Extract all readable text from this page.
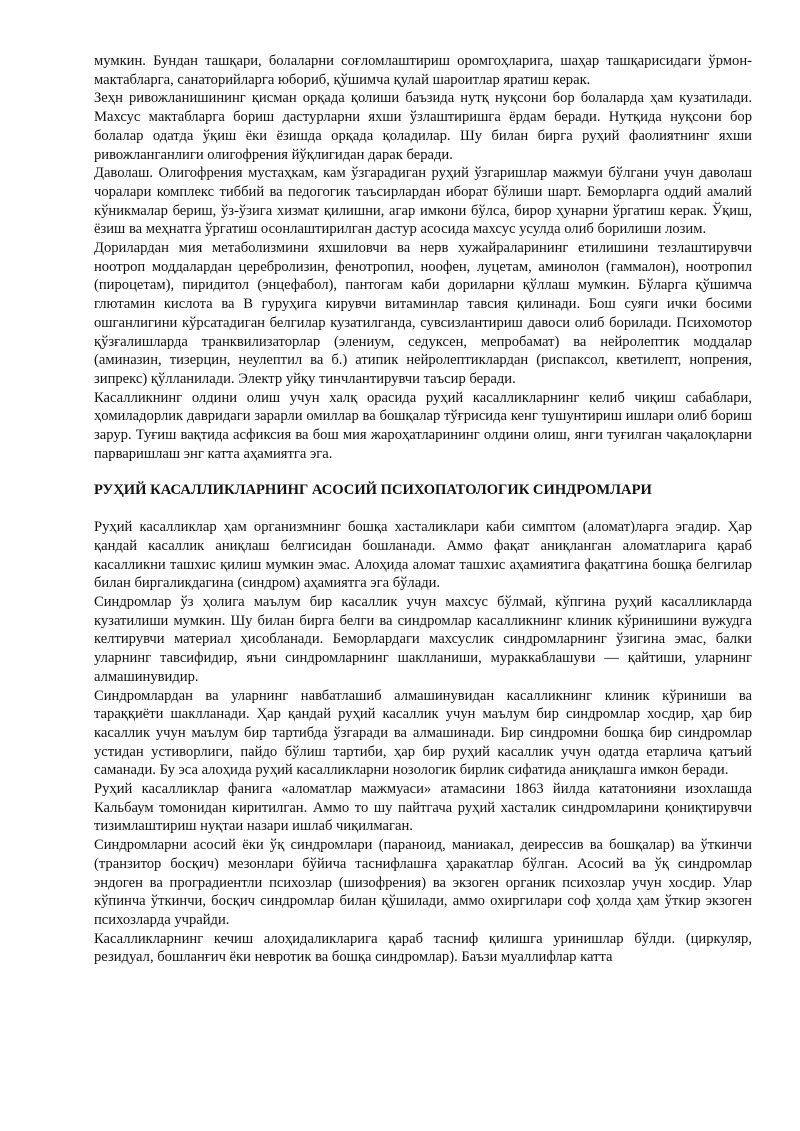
мумкин. Бундан ташқари, болаларни соғломлаштириш оромгоҳларига, шаҳар ташқарисидаги ўрмон-мактабларга, санаторийларга юбориб, қўшимча қулай шароитлар яратиш керак.

Зеҳн ривожланишининг қисман орқада қолиши баъзида нутқ нуқсони бор болаларда ҳам кузатилади. Махсус мактабларга бориш дастурларни яхши ўзлаштиришга ёрдам беради. Нутқида нуқсони бор болалар одатда ўқиш ёки ёзишда орқада қоладилар. Шу билан бирга руҳий фаолиятнинг яхши ривожланганлиги олигофрения йўқлигидан дарак беради.

Даволаш. Олигофрения мустаҳкам, кам ўзгарадиган руҳий ўзгаришлар мажмуи бўлгани учун даволаш чоралари комплекс тиббий ва педогогик таъсирлардан иборат бўлиши шарт. Беморларга оддий амалий кўникмалар бериш, ўз-ўзига хизмат қилишни, агар имкони бўлса, бирор ҳунарни ўргатиш керак. Ўқиш, ёзиш ва меҳнатга ўргатиш осонлаштирилган дастур асосида махсус усулда олиб борилиши лозим.

Дорилардан мия метаболизмини яхшиловчи ва нерв хужайраларининг етилишини тезлаштирувчи ноотроп моддалардан церебролизин, фенотропил, ноофен, луцетам, аминолон (гаммалон), ноотропил (пироцетам), пиридитол (энцефабол), пантогам каби дориларни қўллаш мумкин. Бўларга қўшимча глютамин кислота ва В гуруҳига кирувчи витаминлар тавсия қилинади. Бош суяги ички босими ошганлигини кўрсатадиган белгилар кузатилганда, сувсизлантириш давоси олиб борилади. Психомотор қўзғалишларда транквилизаторлар (элениум, седуксен, мепробамат) ва нейролептик моддалар (аминазин, тизерцин, неулептил ва б.) атипик нейролептиклардан (риспаксол, кветилепт, нопрения, зипрекс) қўлланилади. Электр уйқу тинчлантирувчи таъсир беради.

Касалликнинг олдини олиш учун халқ орасида руҳий касалликларнинг келиб чиқиш сабаблари, ҳомиладорлик давридаги зарарли омиллар ва бошқалар тўғрисида кенг тушунтириш ишлари олиб бориш зарур. Туғиш вақтида асфиксия ва бош мия жароҳатларининг олдини олиш, янги туғилган чақалоқларни парваришлаш энг катта аҳамиятга эга.

РУҲИЙ КАСАЛЛИКЛАРНИНГ АСОСИЙ ПСИХОПАТОЛОГИК СИНДРОМЛАРИ

Руҳий касалликлар ҳам организмнинг бошқа хасталиклари каби симптом (аломат)ларга эгадир. Ҳар қандай касаллик аниқлаш белгисидан бошланади. Аммо фақат аниқланган аломатларига қараб касалликни ташхис қилиш мумкин эмас. Алоҳида аломат ташхис аҳамиятига фақатгина бошқа белгилар билан биргаликдагина (синдром) аҳамиятга эга бўлади.

Синдромлар ўз ҳолига маълум бир касаллик учун махсус бўлмай, кўпгина руҳий касалликларда кузатилиши мумкин. Шу билан бирга белги ва синдромлар касалликнинг клиник кўринишини вужудга келтирувчи материал ҳисобланади. Беморлардаги махсуслик синдромларнинг ўзигина эмас, балки уларнинг тавсифидир, яъни синдромларнинг шаклланиши, мураккаблашуви — қайтиши, уларнинг алмашинувидир.

Синдромлардан ва уларнинг навбатлашиб алмашинувидан касалликнинг клиник кўриниши ва тараққиёти шаклланади. Ҳар қандай руҳий касаллик учун маълум бир синдромлар хосдир, ҳар бир касаллик учун маълум бир тартибда ўзгаради ва алмашинади. Бир синдромни бошқа бир синдромлар устидан устиворлиги, пайдо бўлиш тартиби, ҳар бир руҳий касаллик учун одатда етарлича қатъий саманади. Бу эса алоҳида руҳий касалликларни нозологик бирлик сифатида аниқлашга имкон беради.

Руҳий касалликлар фанига «аломатлар мажмуаси» атамасини 1863 йилда кататонияни изохлашда Кальбаум томонидан киритилган. Аммо то шу пайтгача руҳий хасталик синдромларини қониқтирувчи тизимлаштириш нуқтаи назари ишлаб чиқилмаган.

Синдромларни асосий ёки ўқ синдромлари (параноид, маниакал, деиреccив ва бошқалар) ва ўткинчи (транзитор босқич) мезонлари бўйича таснифлашға ҳаракатлар бўлган. Асосий ва ўқ синдромлар эндоген ва проградиентли психозлар (шизофрения) ва экзоген органик психозлар учун хосдир. Улар кўпинча ўткинчи, босқич синдромлар билан қўшилади, аммо охиргилари соф ҳолда ҳам ўткир экзоген психозларда учрайди.

Касалликларнинг кечиш алоҳидаликларига қараб тасниф қилишга уринишлар бўлди. (циркуляр, резидуал, бошланғич ёки невротик ва бошқа синдромлар). Баъзи муаллифлар катта
